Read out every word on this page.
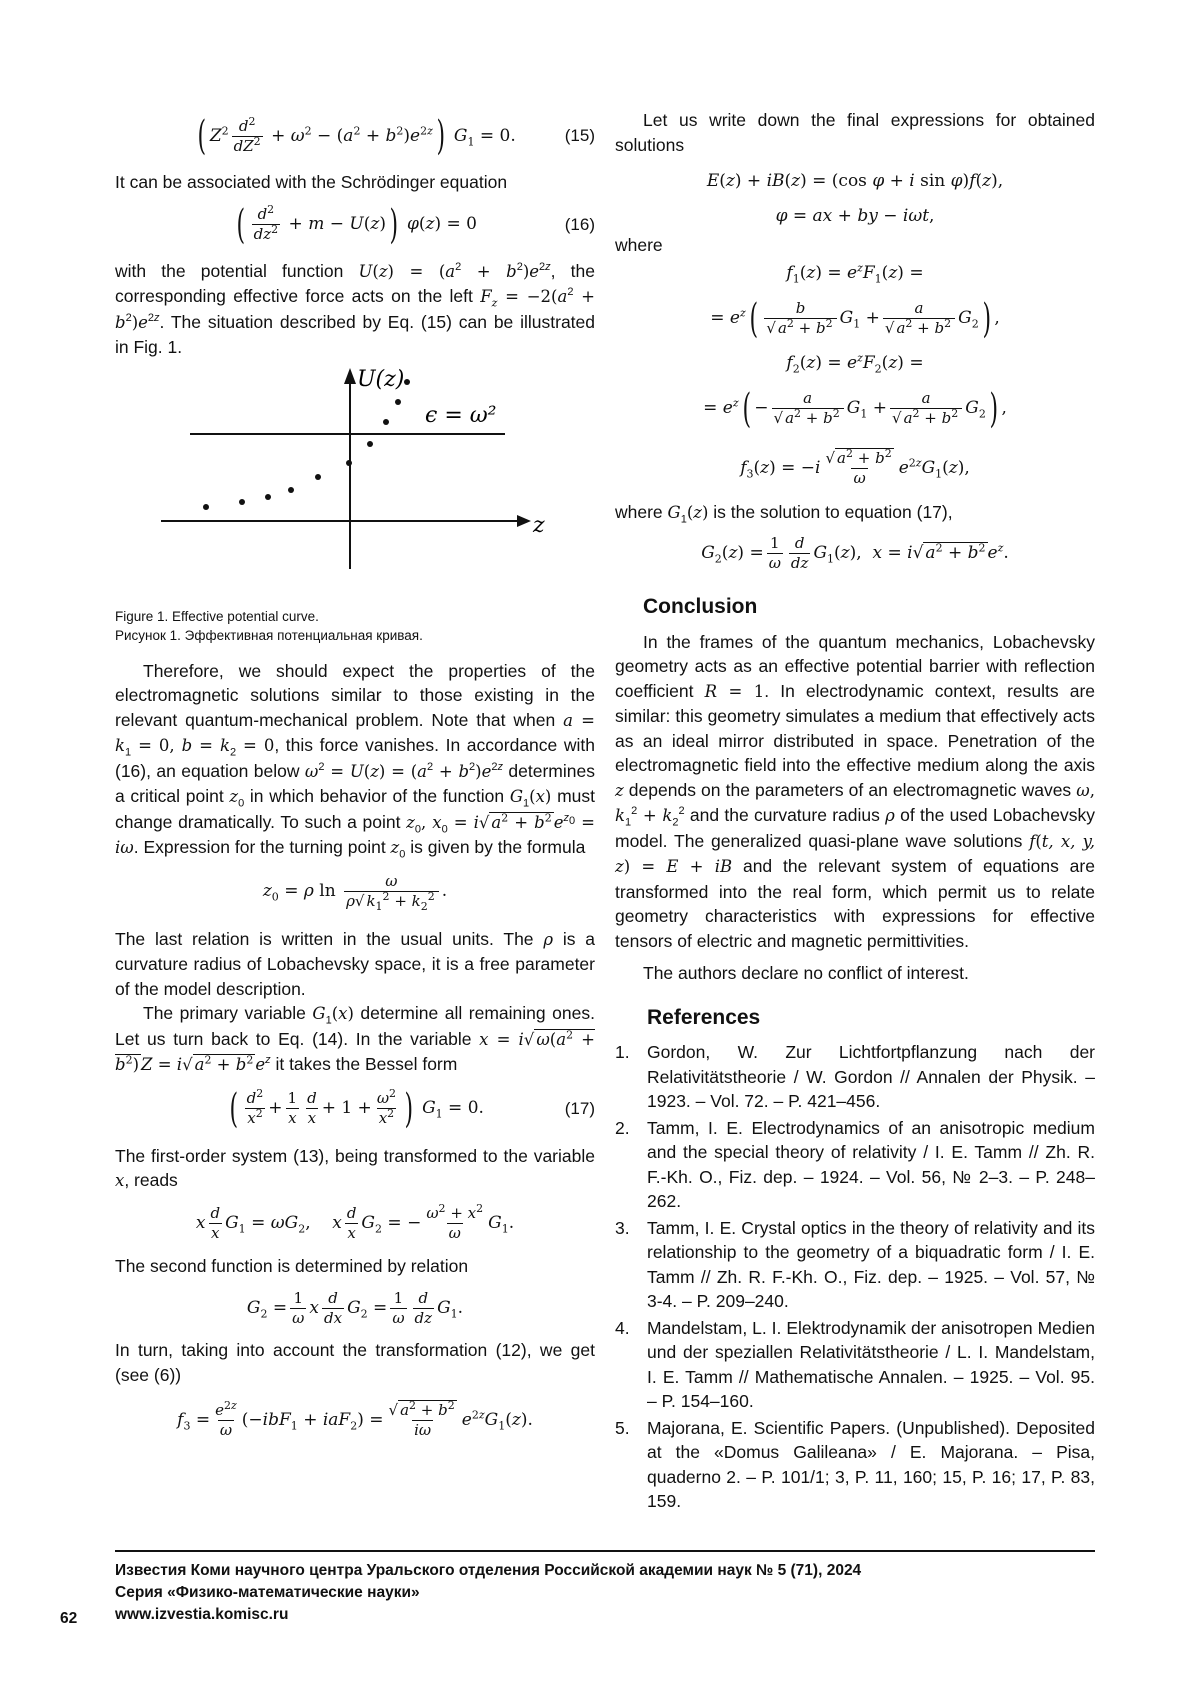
( $Z^2$ $d^2$
$dZ^2 + \omega^2 - (a^2 + b^2)e^{2z}$ ) $G_1 = 0$.	(15)

It can be associated with the Schrödinger equation

( $d^2$
$dz^2 + m - U(z)$ ) φ(z) = 0	(16)

with the potential function $U(z) = (a^2 + b^2)e^{2z}$, the corresponding effective force acts on the left $F_z = -2(a^2 + b^2)e^{2z}$. The situation described by Eq. (15) can be illustrated in Fig. 1.

U(z)
z
ϵ = ω²
Figure 1. Effective potential curve.
Рисунок 1. Эффективная потенциальная кривая.

Therefore, we should expect the properties of the electromagnetic solutions similar to those existing in the relevant quantum-mechanical problem. Note that when $a = k_1 = 0$, $b = k_2 = 0$, this force vanishes. In accordance with (16), an equation below $\omega^2 = U(z) = (a^2 + b^2)e^{2z}$ determines a critical point $z_0$ in which behavior of the function $G_1(x)$ must change dramatically. To such a point $z_0$, $x_0 = i√$ $a^2 + b^2$ $e^{z_0} = i\omega$. Expression for the turning point $z_0$ is given by the formula

$z_0 = \rho$ ln
ω
ρ√ $k_1^2 + k_2^2$ .

The last relation is written in the usual units. The ρ is a curvature radius of Lobachevsky space, it is a free parameter of the model description.

The primary variable $G_1(x)$ determine all remaining ones. Let us turn back to Eq. (14). In the variable x = i√ $\omega(a^2 + b^2) Z = i√$ $a^2 + b^2$ $e^z$ it takes the Bessel form

( $d^2$
$x^2 + \frac{1}{x}$ d
$x + 1 + \frac{\omega^2}{x^2}$ ) $G_1 = 0$.	(17)

The first-order system (13), being transformed to the variable x, reads

x
d
x $G_1 = \omega G_2$,    x
d
x $G_2$ = − $\frac{\omega^2 + x^2}{\omega} G_1$.

The second function is determined by relation

$G_2 = \frac{1}{\omega}$ x
d
dx $G_2 = \frac{1}{\omega}$ d
dz $G_1$.

In turn, taking into account the transformation (12), we get (see (6))

$f_3 = \frac{e^{2z}}{\omega} (-ibF_1 + iaF_2) = \frac{√ a^2 + b^2}{i\omega} e^{2z}G_1(z)$.

Let us write down the final expressions for obtained solutions

E(z) + iB(z) = (cos φ + i sin φ)f(z),
φ = ax + by − iωt,

where

$f_1(z) = e^zF_1(z)$ =
= $e^z$ (	b
√ $a^2 + b^2$ $G_1 + \frac{a}{√ a^2 + b^2} G_2$ ) ,
$f_2(z) = e^zF_2(z)$ =
= $e^z$ ( − $\frac{a}{√ a^2 + b^2} G_1 + \frac{a}{√ a^2 + b^2} G_2$ ) ,
$f_3(z) = -i$
√ $a^2 + b^2$
ω $e^{2z}G_1(z)$,

where $G_1(z)$ is the solution to equation (17),

$G_2(z) = \frac{1}{\omega}$ d
dz $G_1(z)$,  x = i√ $a^2 + b^2$ $e^z$.
Conclusion

In the frames of the quantum mechanics, Lobachevsky geometry acts as an effective potential barrier with reflection coefficient R = 1. In electrodynamic context, results are similar: this geometry simulates a medium that effectively acts as an ideal mirror distributed in space. Penetration of the electromagnetic field into the effective medium along the axis z depends on the parameters of an electromagnetic waves ω, $k_1^2 + k_2^2$ and the curvature radius ρ of the used Lobachevsky model. The generalized quasi-plane wave solutions f(t, x, y, z) = E + iB and the relevant system of equations are transformed into the real form, which permit us to relate geometry characteristics with expressions for effective tensors of electric and magnetic permittivities.

The authors declare no conflict of interest.

References
1. Gordon, W. Zur Lichtfortpflanzung nach der Relativitätstheorie / W. Gordon // Annalen der Physik. – 1923. – Vol. 72. – P. 421–456.
2. Tamm, I. E. Electrodynamics of an anisotropic medium and the special theory of relativity / I. E. Tamm // Zh. R. F.-Kh. O., Fiz. dep. – 1924. – Vol. 56, № 2–3. – P. 248–262.
3. Tamm, I. E. Crystal optics in the theory of relativity and its relationship to the geometry of a biquadratic form / I. E. Tamm // Zh. R. F.-Kh. O., Fiz. dep. – 1925. – Vol. 57, № 3-4. – P. 209–240.
4. Mandelstam, L. I. Elektrodynamik der anisotropen Medien und der speziallen Relativitätstheorie / L. I. Mandelstam, I. E. Tamm // Mathematische Annalen. – 1925. – Vol. 95. – P. 154–160.
5. Majorana, E. Scientific Papers. (Unpublished). Deposited at the «Domus Galileana» / E. Majorana. – Pisa, quaderno 2. – P. 101/1; 3, P. 11, 160; 15, P. 16; 17, P. 83, 159.
Известия Коми научного центра Уральского отделения Российской академии наук № 5 (71), 2024
Серия «Физико-математические науки»
www.izvestia.komisc.ru
62
